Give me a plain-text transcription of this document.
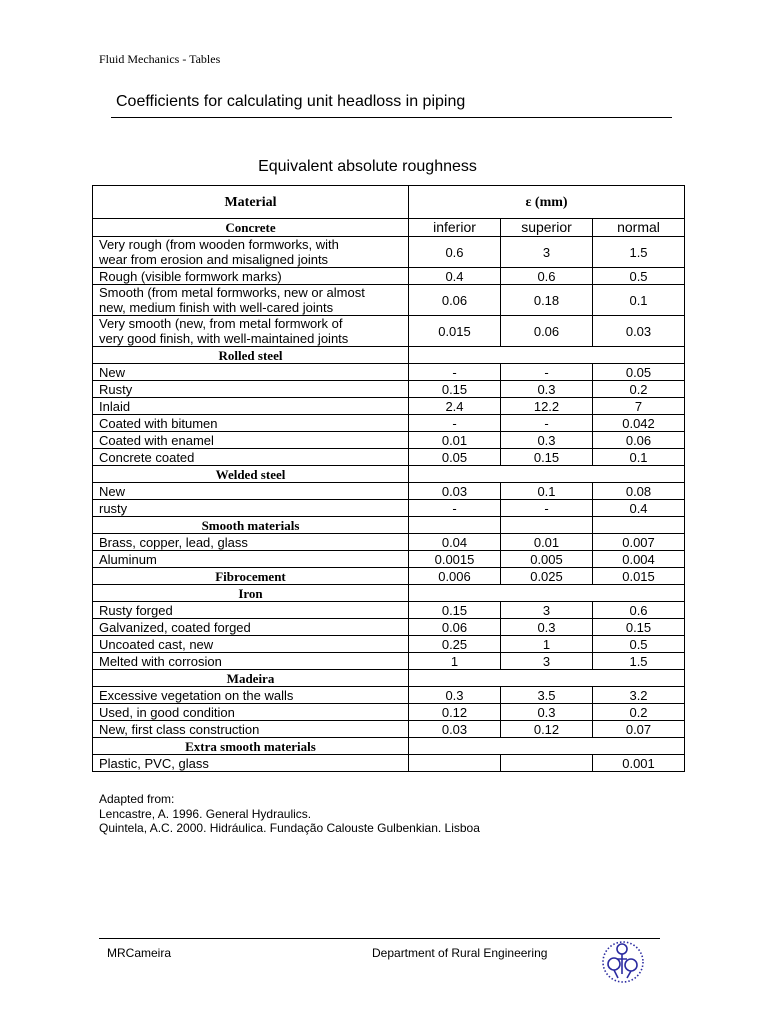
Fluid Mechanics - Tables
Coefficients for calculating unit headloss in piping
Equivalent absolute roughness
Material	ε (mm)		
Concrete	inferior	superior	normal
Very rough (from wooden formworks, with
wear from erosion and misaligned joints	0.6	3	1.5
Rough (visible formwork marks)	0.4	0.6	0.5
Smooth (from metal formworks, new or almost
new, medium finish with well-cared joints	0.06	0.18	0.1
Very smooth (new, from metal formwork of
very good finish, with well-maintained joints	0.015	0.06	0.03
Rolled steel			
New	-	-	0.05
Rusty	0.15	0.3	0.2
Inlaid	2.4	12.2	7
Coated with bitumen	-	-	0.042
Coated with enamel	0.01	0.3	0.06
Concrete coated	0.05	0.15	0.1
Welded steel			
New	0.03	0.1	0.08
rusty	-	-	0.4
Smooth materials			
Brass, copper, lead, glass	0.04	0.01	0.007
Aluminum	0.0015	0.005	0.004
Fibrocement	0.006	0.025	0.015
Iron			
Rusty forged	0.15	3	0.6
Galvanized, coated forged	0.06	0.3	0.15
Uncoated cast, new	0.25	1	0.5
Melted with corrosion	1	3	1.5
Madeira			
Excessive vegetation on the walls	0.3	3.5	3.2
Used, in good condition	0.12	0.3	0.2
New, first class construction	0.03	0.12	0.07
Extra smooth materials			
Plastic, PVC, glass			0.001
Adapted from:
Lencastre, A. 1996. General Hydraulics.
Quintela, A.C. 2000. Hidráulica. Fundação Calouste Gulbenkian. Lisboa
MRCameira	Department of Rural Engineering
